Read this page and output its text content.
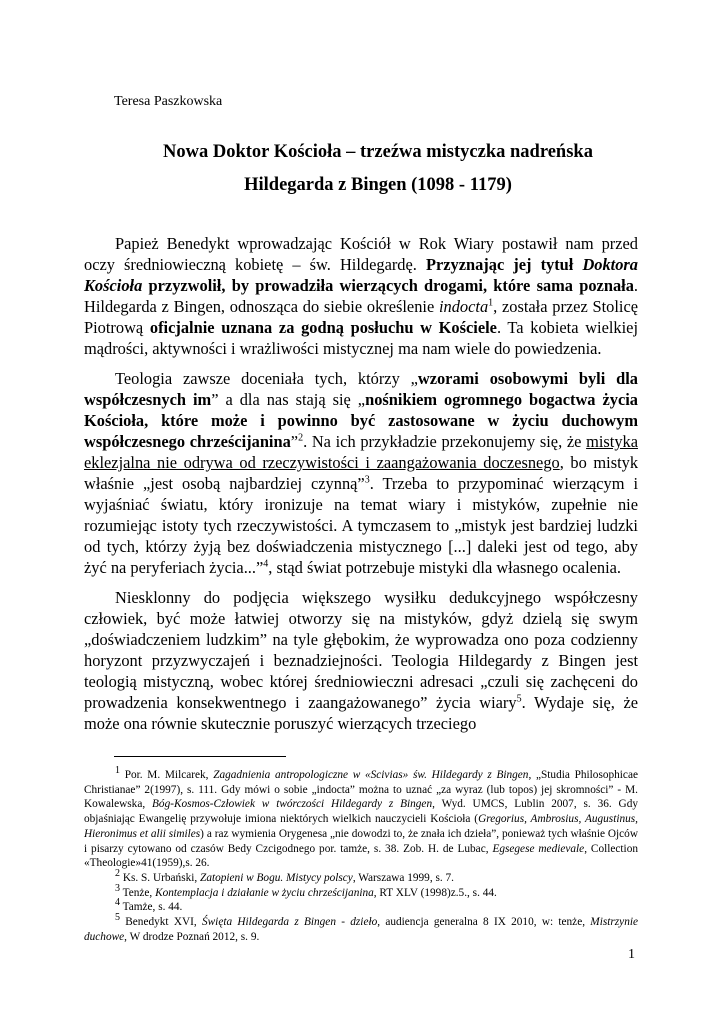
Teresa Paszkowska
Nowa Doktor Kościoła – trzeźwa mistyczka nadreńska
Hildegarda z Bingen (1098 - 1179)

Papież Benedykt wprowadzając Kościół w Rok Wiary postawił nam przed oczy średniowieczną kobietę – św. Hildegardę. Przyznając jej tytuł Doktora Kościoła przyzwolił, by prowadziła wierzących drogami, które sama poznała. Hildegarda z Bingen, odnosząca do siebie określenie indocta$^1$, została przez Stolicę Piotrową oficjalnie uznana za godną posłuchu w Kościele. Ta kobieta wielkiej mądrości, aktywności i wrażliwości mistycznej ma nam wiele do powiedzenia.

Teologia zawsze doceniała tych, którzy „wzorami osobowymi byli dla współczesnych im” a dla nas stają się „nośnikiem ogromnego bogactwa życia Kościoła, które może i powinno być zastosowane w życiu duchowym współczesnego chrześcijanina”$^2$. Na ich przykładzie przekonujemy się, że mistyka eklezjalna nie odrywa od rzeczywistości i zaangażowania doczesnego, bo mistyk właśnie „jest osobą najbardziej czynną”$^3$. Trzeba to przypominać wierzącym i wyjaśniać światu, który ironizuje na temat wiary i mistyków, zupełnie nie rozumiejąc istoty tych rzeczywistości. A tymczasem to „mistyk jest bardziej ludzki od tych, którzy żyją bez doświadczenia mistycznego [...] daleki jest od tego, aby żyć na peryferiach życia...”$^4$, stąd świat potrzebuje mistyki dla własnego ocalenia.

Niesklonny do podjęcia większego wysiłku dedukcyjnego współczesny człowiek, być może łatwiej otworzy się na mistyków, gdyż dzielą się swym „doświadczeniem ludzkim” na tyle głębokim, że wyprowadza ono poza codzienny horyzont przyzwyczajeń i beznadziejności. Teologia Hildegardy z Bingen jest teologią mistyczną, wobec której średniowieczni adresaci „czuli się zachęceni do prowadzenia konsekwentnego i zaangażowanego” życia wiary$^5$. Wydaje się, że może ona równie skutecznie poruszyć wierzących trzeciego

$^1$ Por. M. Milcarek, Zagadnienia antropologiczne w «Scivias» św. Hildegardy z Bingen, „Studia Philosophicae Christianae” 2(1997), s. 111. Gdy mówi o sobie „indocta” można to uznać „za wyraz (lub topos) jej skromności” - M. Kowalewska, Bóg-Kosmos-Człowiek w twórczości Hildegardy z Bingen, Wyd. UMCS, Lublin 2007, s. 36. Gdy objaśniając Ewangelię przywołuje imiona niektórych wielkich nauczycieli Kościoła (Gregorius, Ambrosius, Augustinus, Hieronimus et alii similes) a raz wymienia Orygenesa „nie dowodzi to, że znała ich dzieła”, ponieważ tych właśnie Ojców i pisarzy cytowano od czasów Bedy Czcigodnego por. tamże, s. 38. Zob. H. de Lubac, Egsegese medievale, Collection «Theologie»41(1959),s. 26.

$^2$ Ks. S. Urbański, Zatopieni w Bogu. Mistycy polscy, Warszawa 1999, s. 7.

$^3$ Tenże, Kontemplacja i działanie w życiu chrześcijanina, RT XLV (1998)z.5., s. 44.

$^4$ Tamże, s. 44.

$^5$ Benedykt XVI, Święta Hildegarda z Bingen - dzieło, audiencja generalna 8 IX 2010, w: tenże, Mistrzynie duchowe, W drodze Poznań 2012, s. 9.

1
